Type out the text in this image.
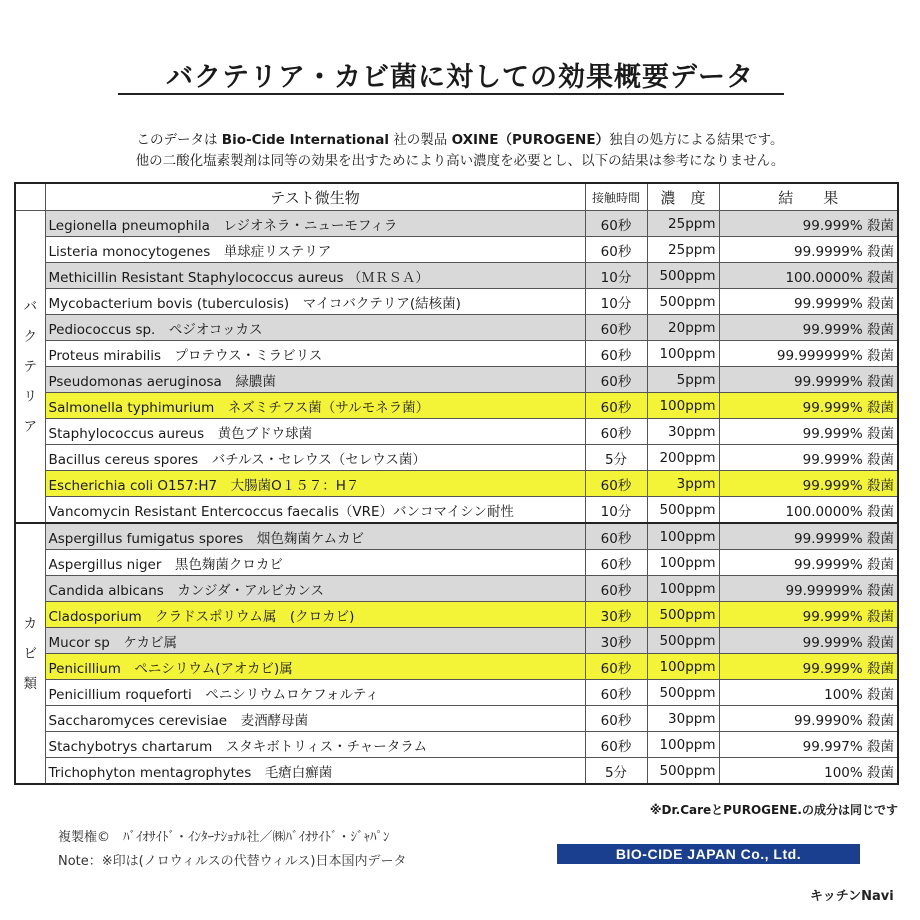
バクテリア・カビ菌に対しての効果概要データ
このデータは Bio-Cide International 社の製品 OXINE（PUROGENE）独自の処方による結果です。
他の二酸化塩素製剤は同等の効果を出すためにより高い濃度を必要とし、以下の結果は参考になりません。
	テスト微生物	接触時間	濃　度	結　　果

バ
ク
テ
リ
ア	Legionella pneumophila　レジオネラ・ニューモフィラ	60秒	25ppm	99.999% 殺菌
	Listeria monocytogenes　単球症リステリア	60秒	25ppm	99.9999% 殺菌
	Methicillin Resistant Staphylococcus aureus （ＭＲＳＡ）	10分	500ppm	100.0000% 殺菌
	Mycobacterium bovis (tuberculosis)　マイコバクテリア(結核菌)	10分	500ppm	99.9999% 殺菌
	Pediococcus sp.　ペジオコッカス	60秒	20ppm	99.999% 殺菌
	Proteus mirabilis　プロテウス・ミラビリス	60秒	100ppm	99.999999% 殺菌
	Pseudomonas aeruginosa　緑膿菌	60秒	5ppm	99.9999% 殺菌
	Salmonella typhimurium　ネズミチフス菌（サルモネラ菌）	60秒	100ppm	99.999% 殺菌
	Staphylococcus aureus　黄色ブドウ球菌	60秒	30ppm	99.999% 殺菌
	Bacillus cereus spores　バチルス・セレウス（セレウス菌）	5分	200ppm	99.999% 殺菌
	Escherichia coli O157:H7　大腸菌O１５７：H７	60秒	3ppm	99.999% 殺菌
	Vancomycin Resistant Entercoccus faecalis（VRE）バンコマイシン耐性	10分	500ppm	100.0000% 殺菌

カ
ビ
類	Aspergillus fumigatus spores　烟色麹菌ケムカビ	60秒	100ppm	99.9999% 殺菌
	Aspergillus niger　黒色麹菌クロカビ	60秒	100ppm	99.9999% 殺菌
	Candida albicans　カンジダ・アルビカンス	60秒	100ppm	99.99999% 殺菌
	Cladosporium　クラドスポリウム属　(クロカビ)	30秒	500ppm	99.999% 殺菌
	Mucor sp　ケカビ属	30秒	500ppm	99.999% 殺菌
	Penicillium　ペニシリウム(アオカビ)属	60秒	100ppm	99.999% 殺菌
	Penicillium roqueforti　ペニシリウムロケフォルティ	60秒	500ppm	100% 殺菌
	Saccharomyces cerevisiae　麦酒酵母菌	60秒	30ppm	99.9990% 殺菌
	Stachybotrys chartarum　スタキボトリィス・チャータラム	60秒	100ppm	99.997% 殺菌
	Trichophyton mentagrophytes　毛瘡白癬菌	5分	500ppm	100% 殺菌
※Dr.CareとPUROGENE.の成分は同じです
複製権©　ﾊﾞｲｵｻｲﾄﾞ・ｲﾝﾀｰﾅｼｮﾅﾙ社／㈱ﾊﾞｲｵｻｲﾄﾞ・ｼﾞｬﾊﾟﾝ
Note：※印は(ノロウィルスの代替ウィルス)日本国内データ	BIO-CIDE JAPAN Co., Ltd.
キッチンNavi
